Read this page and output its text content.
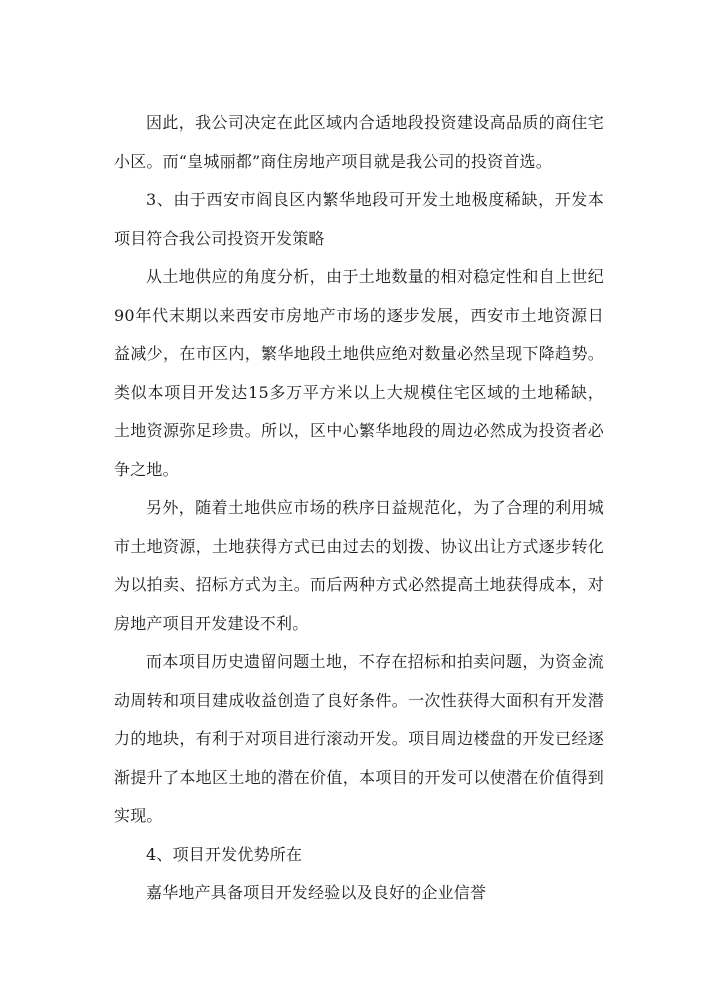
因此，我公司决定在此区域内合适地段投资建设高品质的商住宅小区。而“皇城丽都”商住房地产项目就是我公司的投资首选。

3、由于西安市阎良区内繁华地段可开发土地极度稀缺，开发本项目符合我公司投资开发策略

从土地供应的角度分析，由于土地数量的相对稳定性和自上世纪90年代末期以来西安市房地产市场的逐步发展，西安市土地资源日益减少，在市区内，繁华地段土地供应绝对数量必然呈现下降趋势。类似本项目开发达15多万平方米以上大规模住宅区域的土地稀缺，土地资源弥足珍贵。所以，区中心繁华地段的周边必然成为投资者必争之地。

另外，随着土地供应市场的秩序日益规范化，为了合理的利用城市土地资源，土地获得方式已由过去的划拨、协议出让方式逐步转化为以拍卖、招标方式为主。而后两种方式必然提高土地获得成本，对房地产项目开发建设不利。

而本项目历史遗留问题土地，不存在招标和拍卖问题，为资金流动周转和项目建成收益创造了良好条件。一次性获得大面积有开发潜力的地块，有利于对项目进行滚动开发。项目周边楼盘的开发已经逐渐提升了本地区土地的潜在价值，本项目的开发可以使潜在价值得到实现。

4、项目开发优势所在

嘉华地产具备项目开发经验以及良好的企业信誉
